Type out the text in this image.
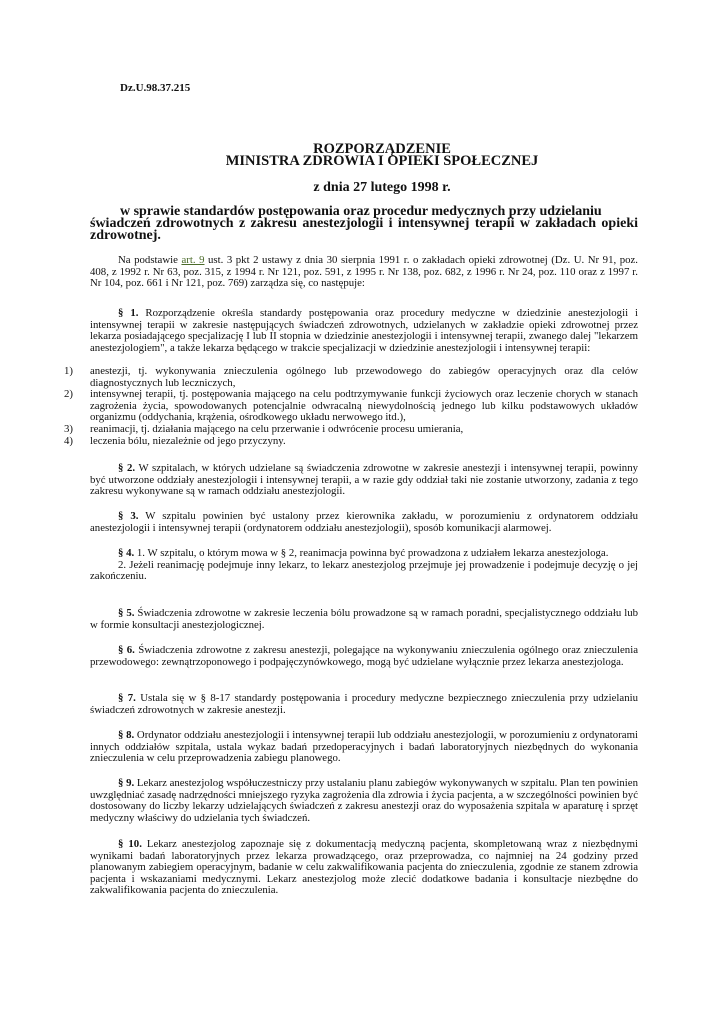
Dz.U.98.37.215
ROZPORZĄDZENIE
MINISTRA ZDROWIA I OPIEKI SPOŁECZNEJ
z dnia 27 lutego 1998 r.
w sprawie standardów postępowania oraz procedur medycznych przy udzielaniu
świadczeń zdrowotnych z zakresu anestezjologii i intensywnej terapii w zakładach opieki zdrowotnej.

Na podstawie art. 9 ust. 3 pkt 2 ustawy z dnia 30 sierpnia 1991 r. o zakładach opieki zdrowotnej (Dz. U. Nr 91, poz. 408, z 1992 r. Nr 63, poz. 315, z 1994 r. Nr 121, poz. 591, z 1995 r. Nr 138, poz. 682, z 1996 r. Nr 24, poz. 110 oraz z 1997 r. Nr 104, poz. 661 i Nr 121, poz. 769) zarządza się, co następuje:

§ 1. Rozporządzenie określa standardy postępowania oraz procedury medyczne w dziedzinie anestezjologii i intensywnej terapii w zakresie następujących świadczeń zdrowotnych, udzielanych w zakładzie opieki zdrowotnej przez lekarza posiadającego specjalizację I lub II stopnia w dziedzinie anestezjologii i intensywnej terapii, zwanego dalej "lekarzem anestezjologiem", a także lekarza będącego w trakcie specjalizacji w dziedzinie anestezjologii i intensywnej terapii:

1) anestezji, tj. wykonywania znieczulenia ogólnego lub przewodowego do zabiegów operacyjnych oraz dla celów diagnostycznych lub leczniczych,
2) intensywnej terapii, tj. postępowania mającego na celu podtrzymywanie funkcji życiowych oraz leczenie chorych w stanach zagrożenia życia, spowodowanych potencjalnie odwracalną niewydolnością jednego lub kilku podstawowych układów organizmu (oddychania, krążenia, ośrodkowego układu nerwowego itd.),
3) reanimacji, tj. działania mającego na celu przerwanie i odwrócenie procesu umierania,
4) leczenia bólu, niezależnie od jego przyczyny.

§ 2. W szpitalach, w których udzielane są świadczenia zdrowotne w zakresie anestezji i intensywnej terapii, powinny być utworzone oddziały anestezjologii i intensywnej terapii, a w razie gdy oddział taki nie zostanie utworzony, zadania z tego zakresu wykonywane są w ramach oddziału anestezjologii.

§ 3. W szpitalu powinien być ustalony przez kierownika zakładu, w porozumieniu z ordynatorem oddziału anestezjologii i intensywnej terapii (ordynatorem oddziału anestezjologii), sposób komunikacji alarmowej.

§ 4. 1. W szpitalu, o którym mowa w § 2, reanimacja powinna być prowadzona z udziałem lekarza anestezjologa.

2. Jeżeli reanimację podejmuje inny lekarz, to lekarz anestezjolog przejmuje jej prowadzenie i podejmuje decyzję o jej zakończeniu.

§ 5. Świadczenia zdrowotne w zakresie leczenia bólu prowadzone są w ramach poradni, specjalistycznego oddziału lub w formie konsultacji anestezjologicznej.

§ 6. Świadczenia zdrowotne z zakresu anestezji, polegające na wykonywaniu znieczulenia ogólnego oraz znieczulenia przewodowego: zewnątrzoponowego i podpajęczynówkowego, mogą być udzielane wyłącznie przez lekarza anestezjologa.

§ 7. Ustala się w § 8-17 standardy postępowania i procedury medyczne bezpiecznego znieczulenia przy udzielaniu świadczeń zdrowotnych w zakresie anestezji.

§ 8. Ordynator oddziału anestezjologii i intensywnej terapii lub oddziału anestezjologii, w porozumieniu z ordynatorami innych oddziałów szpitala, ustala wykaz badań przedoperacyjnych i badań laboratoryjnych niezbędnych do wykonania znieczulenia w celu przeprowadzenia zabiegu planowego.

§ 9. Lekarz anestezjolog współuczestniczy przy ustalaniu planu zabiegów wykonywanych w szpitalu. Plan ten powinien uwzględniać zasadę nadrzędności mniejszego ryzyka zagrożenia dla zdrowia i życia pacjenta, a w szczególności powinien być dostosowany do liczby lekarzy udzielających świadczeń z zakresu anestezji oraz do wyposażenia szpitala w aparaturę i sprzęt medyczny właściwy do udzielania tych świadczeń.

§ 10. Lekarz anestezjolog zapoznaje się z dokumentacją medyczną pacjenta, skompletowaną wraz z niezbędnymi wynikami badań laboratoryjnych przez lekarza prowadzącego, oraz przeprowadza, co najmniej na 24 godziny przed planowanym zabiegiem operacyjnym, badanie w celu zakwalifikowania pacjenta do znieczulenia, zgodnie ze stanem zdrowia pacjenta i wskazaniami medycznymi. Lekarz anestezjolog może zlecić dodatkowe badania i konsultacje niezbędne do zakwalifikowania pacjenta do znieczulenia.
